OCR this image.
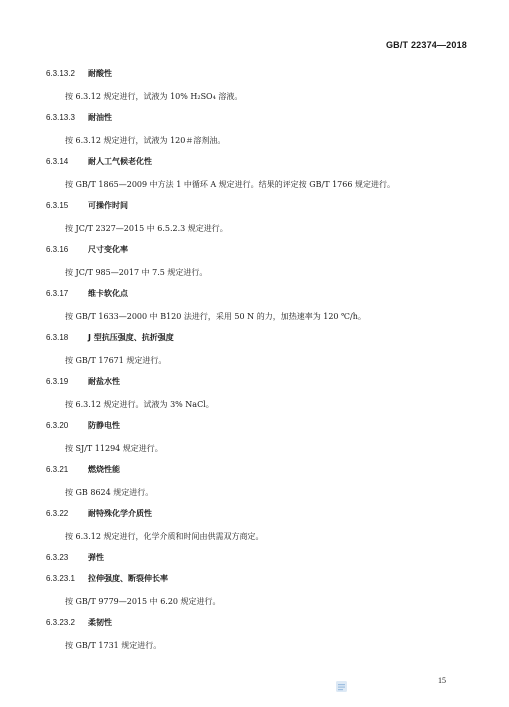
GB/T 22374—2018
6.3.13.2 耐酸性
按 6.3.12 规定进行，试液为 10% H₂SO₄ 溶液。
6.3.13.3 耐油性
按 6.3.12 规定进行，试液为 120＃溶剂油。
6.3.14 耐人工气候老化性
按 GB/T 1865—2009 中方法 1 中循环 A 规定进行。结果的评定按 GB/T 1766 规定进行。
6.3.15 可操作时间
按 JC/T 2327—2015 中 6.5.2.3 规定进行。
6.3.16 尺寸变化率
按 JC/T 985—2017 中 7.5 规定进行。
6.3.17 维卡软化点
按 GB/T 1633—2000 中 B120 法进行，采用 50 N 的力，加热速率为 120 ℃/h。
6.3.18 J 型抗压强度、抗折强度
按 GB/T 17671 规定进行。
6.3.19 耐盐水性
按 6.3.12 规定进行。试液为 3% NaCl。
6.3.20 防静电性
按 SJ/T 11294 规定进行。
6.3.21 燃烧性能
按 GB 8624 规定进行。
6.3.22 耐特殊化学介质性
按 6.3.12 规定进行，化学介质和时间由供需双方商定。
6.3.23 弹性
6.3.23.1 拉伸强度、断裂伸长率
按 GB/T 9779—2015 中 6.20 规定进行。
6.3.23.2 柔韧性
按 GB/T 1731 规定进行。
15
